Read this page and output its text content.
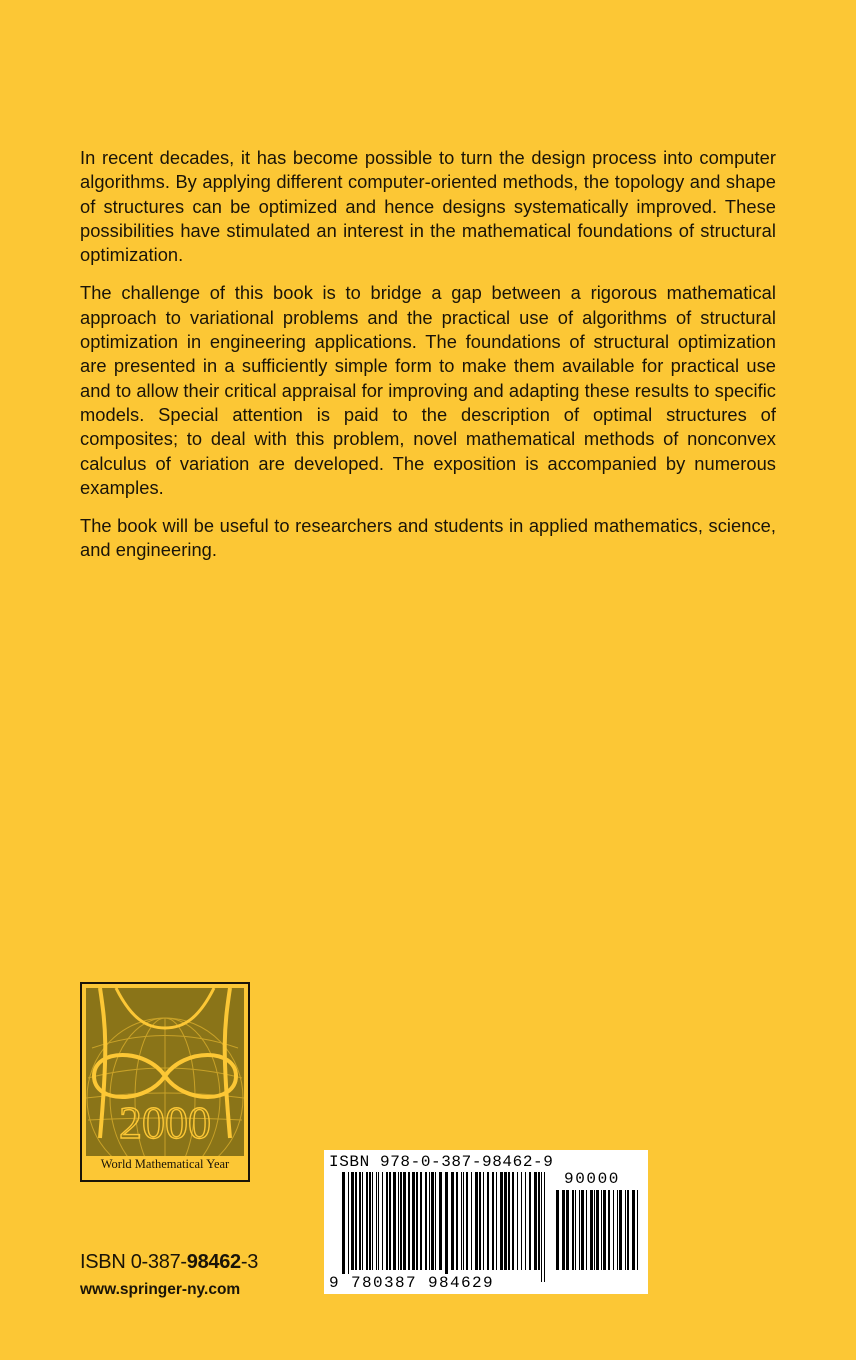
In recent decades, it has become possible to turn the design process into computer algorithms. By applying different computer-oriented methods, the topology and shape of structures can be optimized and hence designs systematically improved. These possibilities have stimulated an interest in the mathematical foundations of structural optimization.

The challenge of this book is to bridge a gap between a rigorous mathematical approach to variational problems and the practical use of algorithms of structural optimization in engineering applications. The foundations of structural optimization are presented in a sufficiently simple form to make them available for practical use and to allow their critical appraisal for improving and adapting these results to specific models. Special attention is paid to the description of optimal structures of composites; to deal with this problem, novel mathematical methods of nonconvex calculus of variation are developed. The exposition is accompanied by numerous examples.

The book will be useful to researchers and students in applied mathematics, science, and engineering.

2000
World Mathematical Year
ISBN 0-387-98462-3
www.springer-ny.com
ISBN 978-0-387-98462-9
90000
9 780387 984629
